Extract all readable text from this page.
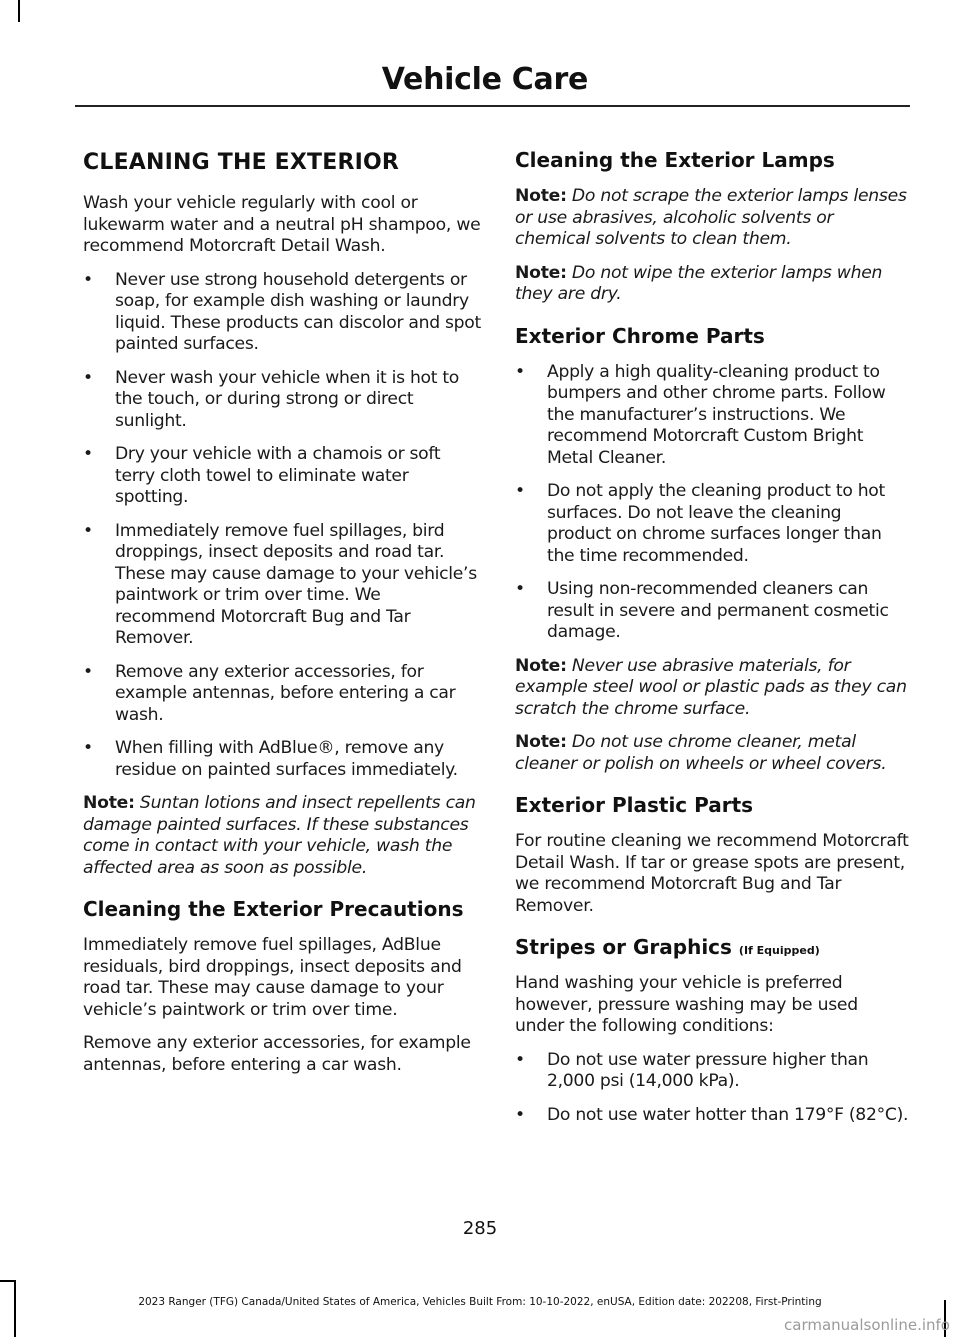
Vehicle Care
CLEANING THE EXTERIOR

Wash your vehicle regularly with cool or lukewarm water and a neutral pH shampoo, we recommend Motorcraft Detail Wash.

• Never use strong household detergents or soap, for example dish washing or laundry liquid. These products can discolor and spot painted surfaces.
• Never wash your vehicle when it is hot to the touch, or during strong or direct sunlight.
• Dry your vehicle with a chamois or soft terry cloth towel to eliminate water spotting.
• Immediately remove fuel spillages, bird droppings, insect deposits and road tar. These may cause damage to your vehicle’s paintwork or trim over time. We recommend Motorcraft Bug and Tar Remover.
• Remove any exterior accessories, for example antennas, before entering a car wash.
• When filling with AdBlue®, remove any residue on painted surfaces immediately.

Note: Suntan lotions and insect repellents can damage painted surfaces. If these substances come in contact with your vehicle, wash the affected area as soon as possible.

Cleaning the Exterior Precautions

Immediately remove fuel spillages, AdBlue residuals, bird droppings, insect deposits and road tar. These may cause damage to your vehicle’s paintwork or trim over time.

Remove any exterior accessories, for example antennas, before entering a car wash.

Cleaning the Exterior Lamps

Note: Do not scrape the exterior lamps lenses or use abrasives, alcoholic solvents or chemical solvents to clean them.

Note: Do not wipe the exterior lamps when they are dry.

Exterior Chrome Parts
• Apply a high quality-cleaning product to bumpers and other chrome parts. Follow the manufacturer’s instructions. We recommend Motorcraft Custom Bright Metal Cleaner.
• Do not apply the cleaning product to hot surfaces. Do not leave the cleaning product on chrome surfaces longer than the time recommended.
• Using non-recommended cleaners can result in severe and permanent cosmetic damage.

Note: Never use abrasive materials, for example steel wool or plastic pads as they can scratch the chrome surface.

Note: Do not use chrome cleaner, metal cleaner or polish on wheels or wheel covers.

Exterior Plastic Parts

For routine cleaning we recommend Motorcraft Detail Wash. If tar or grease spots are present, we recommend Motorcraft Bug and Tar Remover.

Stripes or Graphics (If Equipped)

Hand washing your vehicle is preferred however, pressure washing may be used under the following conditions:

• Do not use water pressure higher than 2,000 psi (14,000 kPa).
• Do not use water hotter than 179°F (82°C).
285
2023 Ranger (TFG) Canada/United States of America, Vehicles Built From: 10-10-2022, enUSA, Edition date: 202208, First-Printing
carmanualsonline.info
